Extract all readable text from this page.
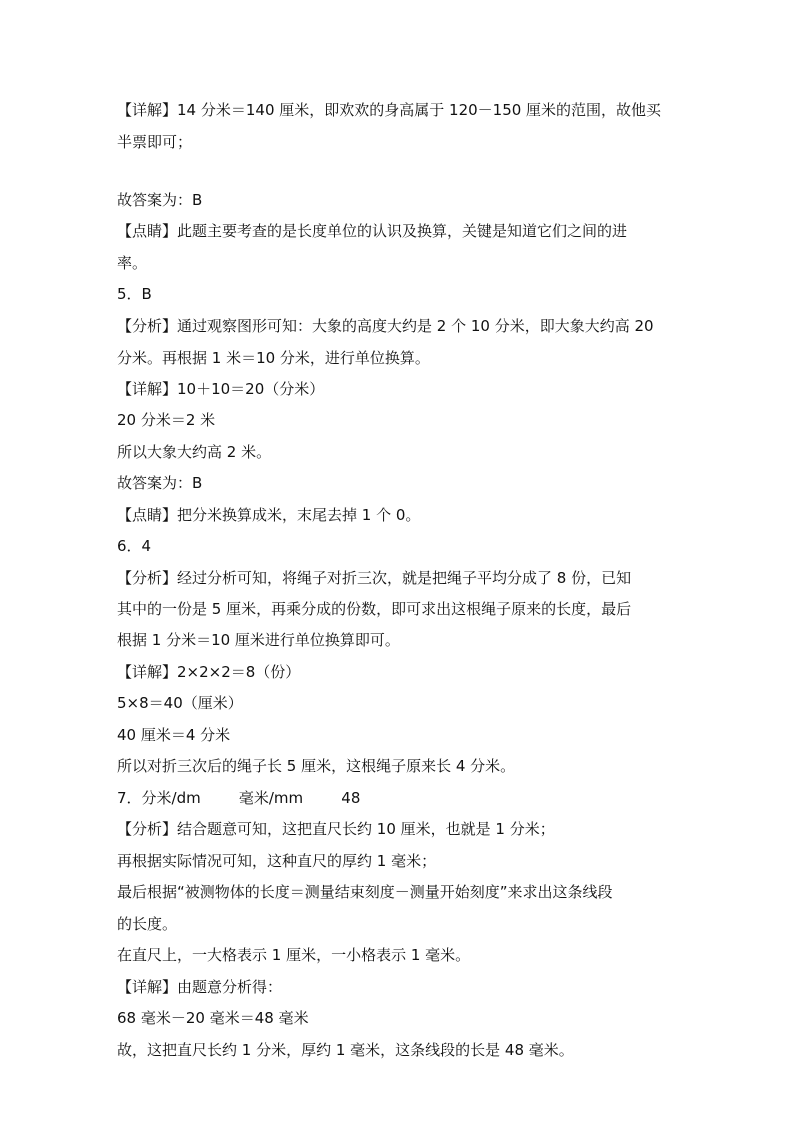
【详解】14 分米＝140 厘米，即欢欢的身高属于 120－150 厘米的范围，故他买
半票即可；
故答案为：B
【点睛】此题主要考查的是长度单位的认识及换算，关键是知道它们之间的进
率。
5．B
【分析】通过观察图形可知：大象的高度大约是 2 个 10 分米，即大象大约高 20
分米。再根据 1 米＝10 分米，进行单位换算。
【详解】10＋10＝20（分米）
20 分米＝2 米
所以大象大约高 2 米。
故答案为：B
【点睛】把分米换算成米，末尾去掉 1 个 0。
6．4
【分析】经过分析可知，将绳子对折三次，就是把绳子平均分成了 8 份，已知
其中的一份是 5 厘米，再乘分成的份数，即可求出这根绳子原来的长度，最后
根据 1 分米＝10 厘米进行单位换算即可。
【详解】2×2×2＝8（份）
5×8＝40（厘米）
40 厘米＝4 分米
所以对折三次后的绳子长 5 厘米，这根绳子原来长 4 分米。
7．分米/dm        毫米/mm        48
【分析】结合题意可知，这把直尺长约 10 厘米，也就是 1 分米；
再根据实际情况可知，这种直尺的厚约 1 毫米；
最后根据“被测物体的长度＝测量结束刻度－测量开始刻度”来求出这条线段
的长度。
在直尺上，一大格表示 1 厘米，一小格表示 1 毫米。
【详解】由题意分析得：
68 毫米－20 毫米＝48 毫米
故，这把直尺长约 1 分米，厚约 1 毫米，这条线段的长是 48 毫米。
